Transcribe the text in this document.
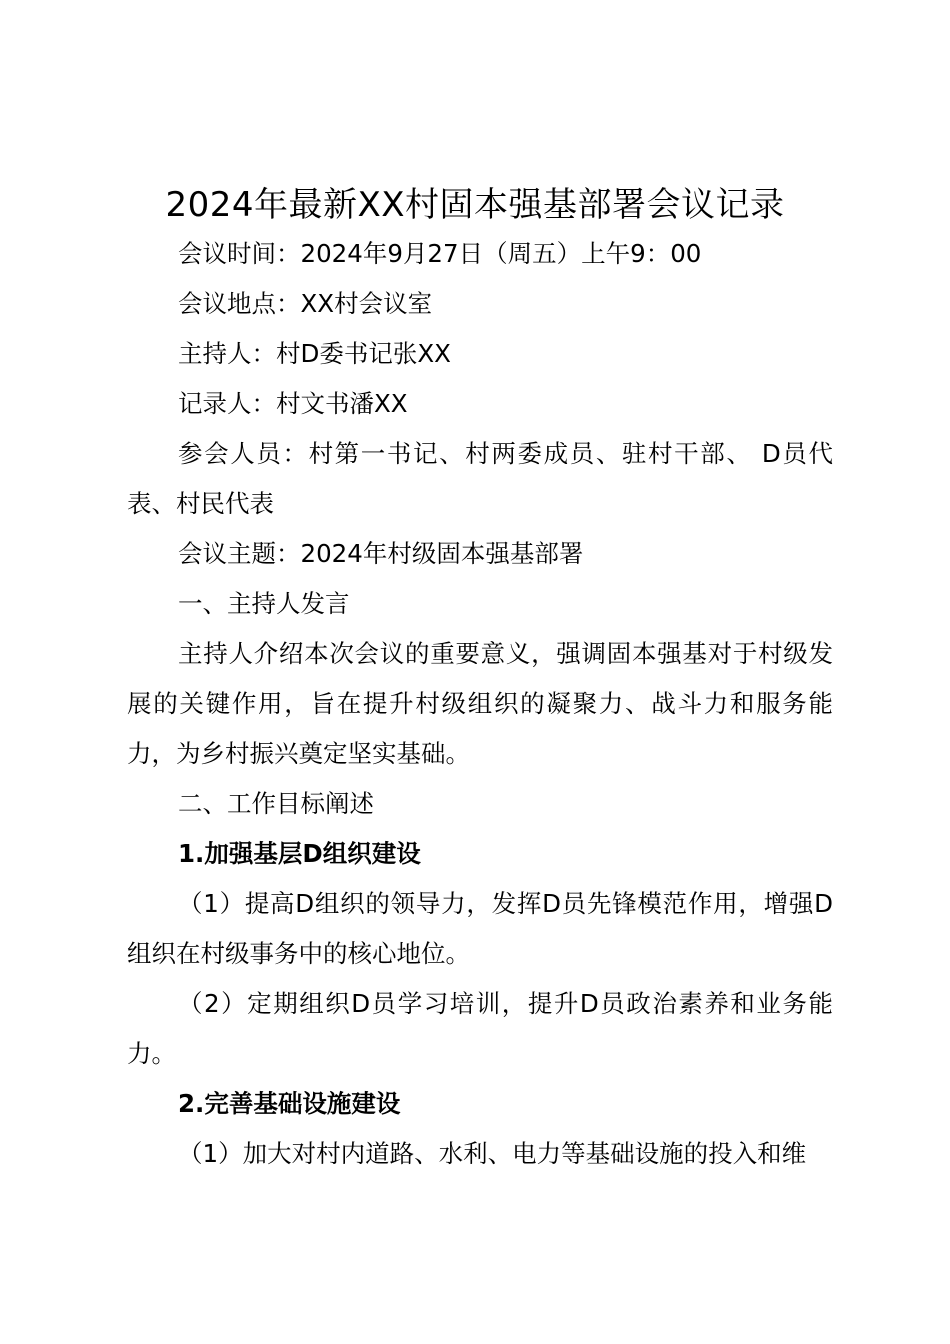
2024年最新XX村固本强基部署会议记录

会议时间：2024年9月27日（周五）上午9：00

会议地点：XX村会议室

主持人：村D委书记张XX

记录人：村文书潘XX

参会人员：村第一书记、村两委成员、驻村干部、 D员代表、村民代表

会议主题：2024年村级固本强基部署

一、主持人发言

主持人介绍本次会议的重要意义，强调固本强基对于村级发展的关键作用，旨在提升村级组织的凝聚力、战斗力和服务能力，为乡村振兴奠定坚实基础。

二、工作目标阐述

1.加强基层D组织建设

（1）提高D组织的领导力，发挥D员先锋模范作用，增强D组织在村级事务中的核心地位。

（2）定期组织D员学习培训，提升D员政治素养和业务能力。

2.完善基础设施建设

（1）加大对村内道路、水利、电力等基础设施的投入和维
